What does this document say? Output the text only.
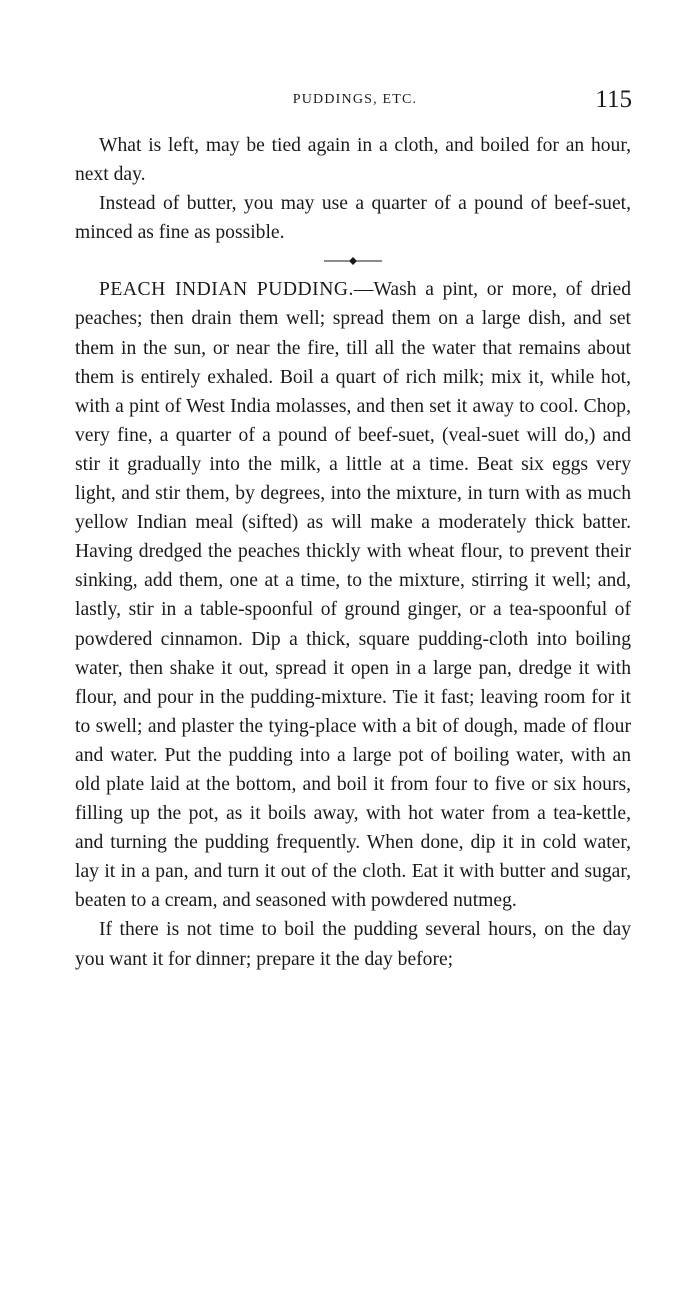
PUDDINGS, ETC.	115

What is left, may be tied again in a cloth, and boiled for an hour, next day.

Instead of butter, you may use a quarter of a pound of beef-suet, minced as fine as possible.

PEACH INDIAN PUDDING.—Wash a pint, or more, of dried peaches; then drain them well; spread them on a large dish, and set them in the sun, or near the fire, till all the water that remains about them is entirely exhaled. Boil a quart of rich milk; mix it, while hot, with a pint of West India molasses, and then set it away to cool. Chop, very fine, a quarter of a pound of beef-suet, (veal-suet will do,) and stir it gradually into the milk, a little at a time. Beat six eggs very light, and stir them, by degrees, into the mixture, in turn with as much yellow Indian meal (sifted) as will make a moderately thick batter. Having dredged the peaches thickly with wheat flour, to prevent their sinking, add them, one at a time, to the mixture, stirring it well; and, lastly, stir in a table-spoonful of ground ginger, or a tea-spoonful of powdered cinnamon. Dip a thick, square pudding-cloth into boiling water, then shake it out, spread it open in a large pan, dredge it with flour, and pour in the pudding-mixture. Tie it fast; leaving room for it to swell; and plaster the tying-place with a bit of dough, made of flour and water. Put the pudding into a large pot of boiling water, with an old plate laid at the bottom, and boil it from four to five or six hours, filling up the pot, as it boils away, with hot water from a tea-kettle, and turning the pudding frequently. When done, dip it in cold water, lay it in a pan, and turn it out of the cloth. Eat it with butter and sugar, beaten to a cream, and seasoned with powdered nutmeg.

If there is not time to boil the pudding several hours, on the day you want it for dinner; prepare it the day before;
